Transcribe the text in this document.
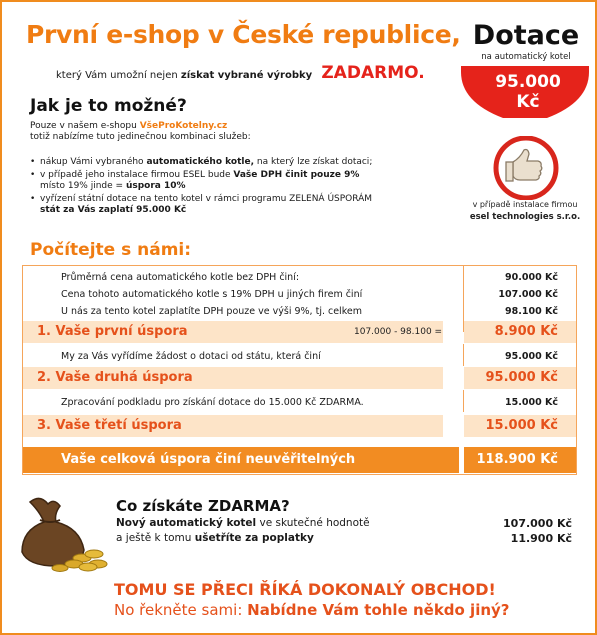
První e-shop v České republice,
který Vám umožní nejen získat vybrané výrobky ZADARMO.
Dotace
na automatický kotel
95.000
Kč
v případě instalace firmou
esel technologies s.r.o.
Jak je to možné?
Pouze v našem e-shopu VšeProKotelny.cz
totiž nabízíme tuto jedinečnou kombinaci služeb:
• nákup Vámi vybraného automatického kotle, na který lze získat dotaci;
• v případě jeho instalace firmou ESEL bude Vaše DPH činit pouze 9%
místo 19% jinde = úspora 10%
• vyřízení státní dotace na tento kotel v rámci programu ZELENÁ ÚSPORÁM
stát za Vás zaplatí 95.000 Kč
Počítejte s námi:
Průměrná cena automatického kotle bez DPH činí:	90.000 Kč
Cena tohoto automatického kotle s 19% DPH u jiných firem činí	107.000 Kč
U nás za tento kotel zaplatíte DPH pouze ve výši 9%, tj. celkem	98.100 Kč
1. Vaše první úspora	107.000 - 98.100 =	8.900 Kč
My za Vás vyřídíme žádost o dotaci od státu, která činí	95.000 Kč
2. Vaše druhá úspora	95.000 Kč
Zpracování podkladu pro získání dotace do 15.000 Kč ZDARMA.	15.000 Kč
3. Vaše třetí úspora	15.000 Kč
Vaše celková úspora činí neuvěřitelných	118.900 Kč
Co získáte ZDARMA?
Nový automatický kotel ve skutečné hodnotě	107.000 Kč
a ještě k tomu ušetříte za poplatky	11.900 Kč
TOMU SE PŘECI ŘÍKÁ DOKONALÝ OBCHOD!
No řekněte sami: Nabídne Vám tohle někdo jiný?
